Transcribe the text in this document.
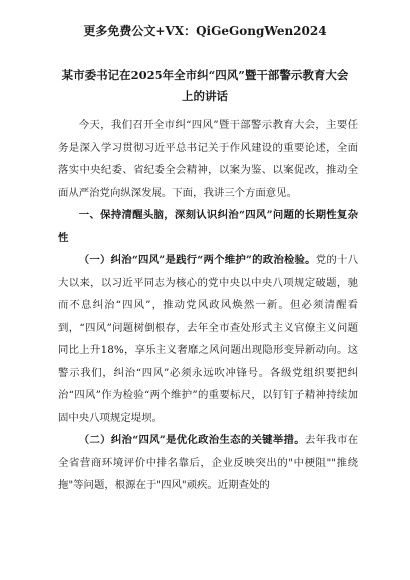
更多免费公文+VX：QiGeGongWen2024
某市委书记在2025年全市纠“四风”暨干部警示教育大会
上的讲话

今天，我们召开全市纠“四风”暨干部警示教育大会，主要任务是深入学习贯彻习近平总书记关于作风建设的重要论述，全面落实中央纪委、省纪委全会精神，以案为鉴、以案促改，推动全面从严治党向纵深发展。下面，我讲三个方面意见。

一、保持清醒头脑，深刻认识纠治“四风”问题的长期性复杂性

（一）纠治“四风”是践行“两个维护”的政治检验。党的十八大以来，以习近平同志为核心的党中央以中央八项规定破题，驰而不息纠治“四风”，推动党风政风焕然一新。但必须清醒看到，“四风”问题树倒根存，去年全市查处形式主义官僚主义问题同比上升18%，享乐主义奢靡之风问题出现隐形变异新动向。这警示我们，纠治“四风”必须永远吹冲锋号。各级党组织要把纠治“四风”作为检验“两个维护”的重要标尺，以钉钉子精神持续加固中央八项规定堤坝。

（二）纠治“四风”是优化政治生态的关键举措。去年我市在全省营商环境评价中排名靠后，企业反映突出的"中梗阻""推绕拖"等问题，根源在于"四风"顽疾。近期查处的
